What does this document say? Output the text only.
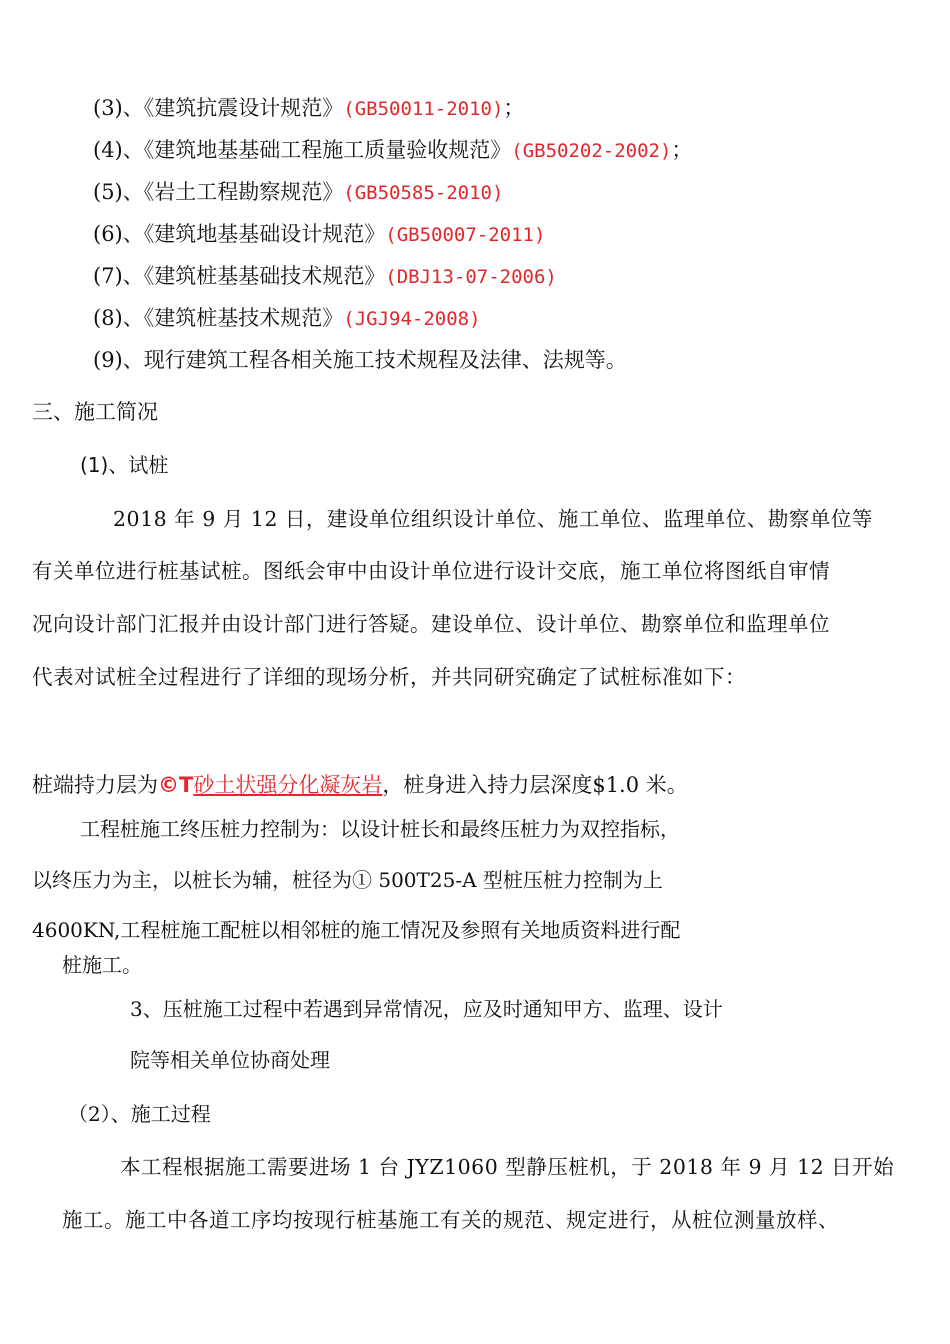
(3)、《建筑抗震设计规范》(GB50011-2010)；
(4)、《建筑地基基础工程施工质量验收规范》(GB50202-2002)；
(5)、《岩土工程勘察规范》(GB50585-2010)
(6)、《建筑地基基础设计规范》(GB50007-2011)
(7)、《建筑桩基基础技术规范》(DBJ13-07-2006)
(8)、《建筑桩基技术规范》(JGJ94-2008)
(9)、现行建筑工程各相关施工技术规程及法律、法规等。
三、施工简况
(1)、试桩
2018 年 9 月 12 日，建设单位组织设计单位、施工单位、监理单位、勘察单位等
有关单位进行桩基试桩。图纸会审中由设计单位进行设计交底，施工单位将图纸自审情
况向设计部门汇报并由设计部门进行答疑。建设单位、设计单位、勘察单位和监理单位
代表对试桩全过程进行了详细的现场分析，并共同研究确定了试桩标准如下：
桩端持力层为©T砂土状强分化凝灰岩，桩身进入持力层深度$1.0 米。
工程桩施工终压桩力控制为：以设计桩长和最终压桩力为双控指标，
以终压力为主，以桩长为辅，桩径为① 500T25-A 型桩压桩力控制为上
4600KN,工程桩施工配桩以相邻桩的施工情况及参照有关地质资料进行配
桩施工。
3、压桩施工过程中若遇到异常情况，应及时通知甲方、监理、设计
院等相关单位协商处理
（2）、施工过程
本工程根据施工需要进场 1 台 JYZ1060 型静压桩机，于 2018 年 9 月 12 日开始
施工。施工中各道工序均按现行桩基施工有关的规范、规定进行，从桩位测量放样、
